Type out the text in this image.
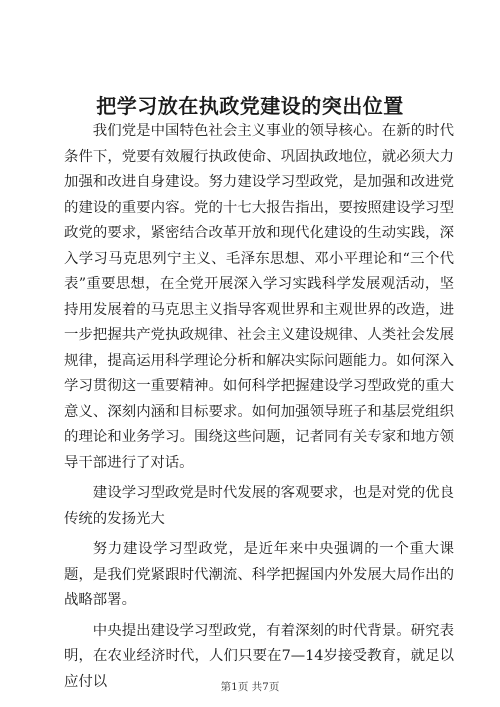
把学习放在执政党建设的突出位置

我们党是中国特色社会主义事业的领导核心。在新的时代条件下，党要有效履行执政使命、巩固执政地位，就必须大力加强和改进自身建设。努力建设学习型政党，是加强和改进党的建设的重要内容。党的十七大报告指出，要按照建设学习型政党的要求，紧密结合改革开放和现代化建设的生动实践，深入学习马克思列宁主义、毛泽东思想、邓小平理论和“三个代表”重要思想，在全党开展深入学习实践科学发展观活动，坚持用发展着的马克思主义指导客观世界和主观世界的改造，进一步把握共产党执政规律、社会主义建设规律、人类社会发展规律，提高运用科学理论分析和解决实际问题能力。如何深入学习贯彻这一重要精神。如何科学把握建设学习型政党的重大意义、深刻内涵和目标要求。如何加强领导班子和基层党组织的理论和业务学习。围绕这些问题，记者同有关专家和地方领导干部进行了对话。

建设学习型政党是时代发展的客观要求，也是对党的优良传统的发扬光大

努力建设学习型政党，是近年来中央强调的一个重大课题，是我们党紧跟时代潮流、科学把握国内外发展大局作出的战略部署。

中央提出建设学习型政党，有着深刻的时代背景。研究表明，在农业经济时代，人们只要在7—14岁接受教育，就足以应付以	第1页 共7页
